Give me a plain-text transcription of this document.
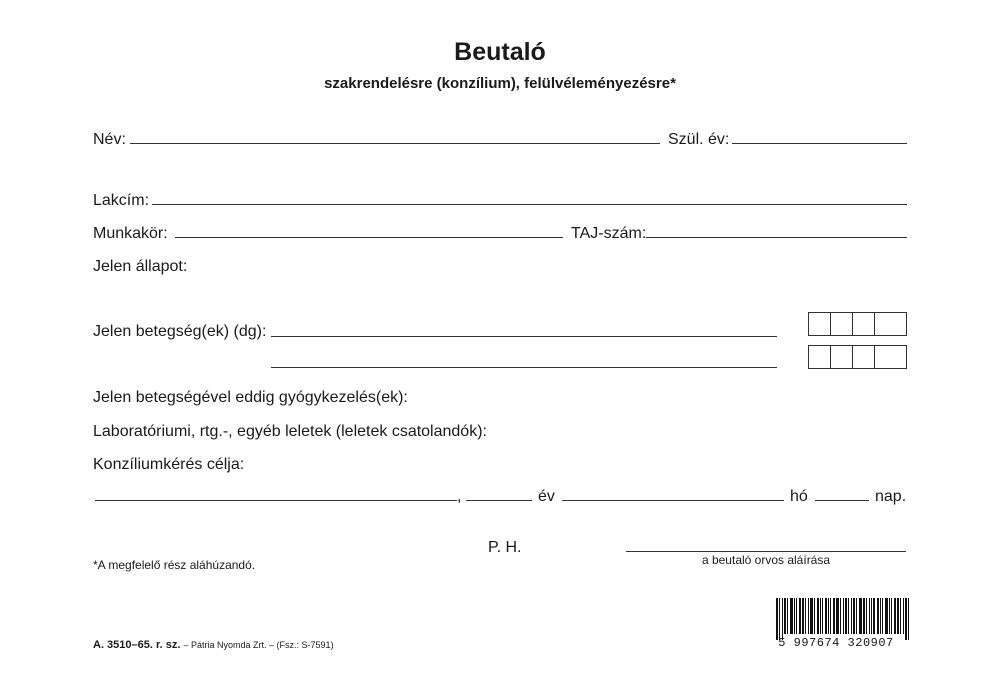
Beutaló
szakrendelésre (konzílium), felülvéleményezésre*
Név:	Szül. év:
Lakcím:
Munkakör:	TAJ-szám:
Jelen állapot:
Jelen betegség(ek) (dg):
Jelen betegségével eddig gyógykezelés(ek):
Laboratóriumi, rtg.-, egyéb leletek (leletek csatolandók):
Konzíliumkérés célja:
,	év	hó	nap.
P. H.
a beutaló orvos aláírása
*A megfelelő rész aláhúzandó.
A. 3510–65. r. sz. – Pátria Nyomda Zrt. – (Fsz.: S-7591)	5 997674 320907
